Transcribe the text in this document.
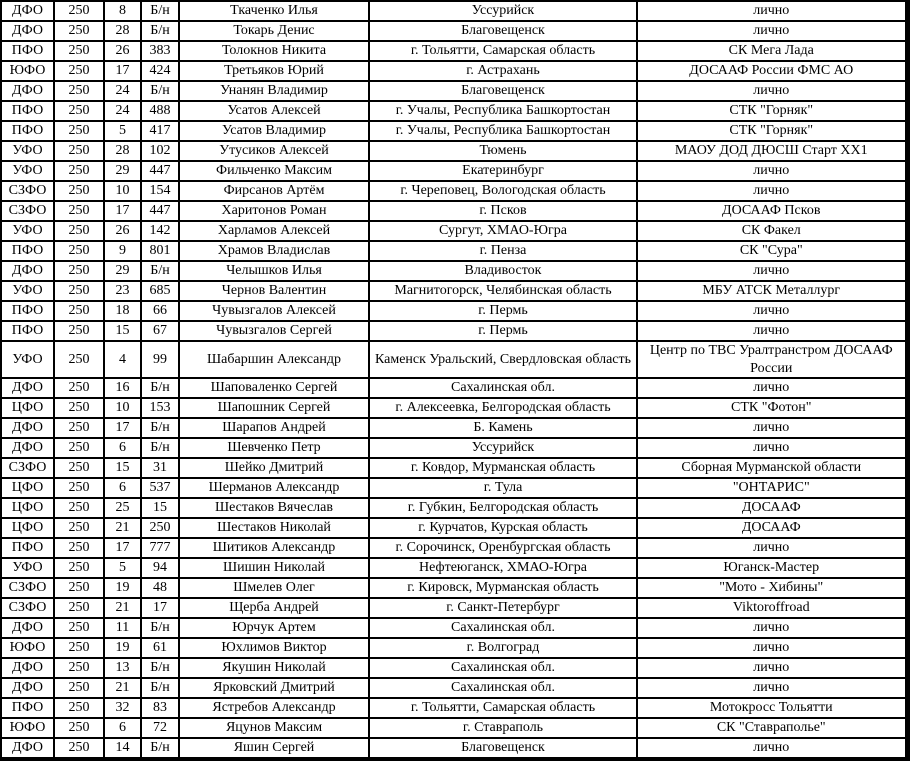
ДФО	250	8	Б/н	Ткаченко Илья	Уссурийск	лично
ДФО	250	28	Б/н	Токарь Денис	Благовещенск	лично
ПФО	250	26	383	Толокнов Никита	г. Тольятти, Самарская область	СК Мега Лада
ЮФО	250	17	424	Третьяков Юрий	г. Астрахань	ДОСААФ России ФМС АО
ДФО	250	24	Б/н	Унанян Владимир	Благовещенск	лично
ПФО	250	24	488	Усатов Алексей	г. Учалы, Республика Башкортостан	СТК "Горняк"
ПФО	250	5	417	Усатов Владимир	г. Учалы, Республика Башкортостан	СТК "Горняк"
УФО	250	28	102	Утусиков Алексей	Тюмень	МАОУ ДОД ДЮСШ Старт ХХ1
УФО	250	29	447	Фильченко Максим	Екатеринбург	лично
СЗФО	250	10	154	Фирсанов Артём	г. Череповец, Вологодская область	лично
СЗФО	250	17	447	Харитонов Роман	г. Псков	ДОСААФ Псков
УФО	250	26	142	Харламов Алексей	Сургут, ХМАО-Югра	СК Факел
ПФО	250	9	801	Храмов Владислав	г. Пенза	СК "Сура"
ДФО	250	29	Б/н	Челышков Илья	Владивосток	лично
УФО	250	23	685	Чернов Валентин	Магнитогорск, Челябинская область	МБУ АТСК Металлург
ПФО	250	18	66	Чувызгалов Алексей	г. Пермь	лично
ПФО	250	15	67	Чувызгалов Сергей	г. Пермь	лично
УФО	250	4	99	Шабаршин Александр	Каменск Уральский, Свердловская область	Центр по ТВС Уралтранстром ДОСААФ России
ДФО	250	16	Б/н	Шаповаленко Сергей	Сахалинская обл.	лично
ЦФО	250	10	153	Шапошник Сергей	г. Алексеевка, Белгородская область	СТК "Фотон"
ДФО	250	17	Б/н	Шарапов Андрей	Б. Камень	лично
ДФО	250	6	Б/н	Шевченко Петр	Уссурийск	лично
СЗФО	250	15	31	Шейко Дмитрий	г. Ковдор, Мурманская область	Сборная Мурманской области
ЦФО	250	6	537	Шерманов Александр	г. Тула	"ОНТАРИС"
ЦФО	250	25	15	Шестаков Вячеслав	г. Губкин, Белгородская область	ДОСААФ
ЦФО	250	21	250	Шестаков Николай	г. Курчатов, Курская область	ДОСААФ
ПФО	250	17	777	Шитиков Александр	г. Сорочинск, Оренбургская область	лично
УФО	250	5	94	Шишин Николай	Нефтеюганск, ХМАО-Югра	Юганск-Мастер
СЗФО	250	19	48	Шмелев Олег	г. Кировск, Мурманская область	"Мото - Хибины"
СЗФО	250	21	17	Щерба Андрей	г. Санкт-Петербург	Viktoroffroad
ДФО	250	11	Б/н	Юрчук Артем	Сахалинская обл.	лично
ЮФО	250	19	61	Юхлимов Виктор	г. Волгоград	лично
ДФО	250	13	Б/н	Якушин Николай	Сахалинская обл.	лично
ДФО	250	21	Б/н	Ярковский Дмитрий	Сахалинская обл.	лично
ПФО	250	32	83	Ястребов Александр	г. Тольятти, Самарская область	Мотокросс Тольятти
ЮФО	250	6	72	Яцунов Максим	г. Ставраполь	СК "Ставраполье"
ДФО	250	14	Б/н	Яшин Сергей	Благовещенск	лично
